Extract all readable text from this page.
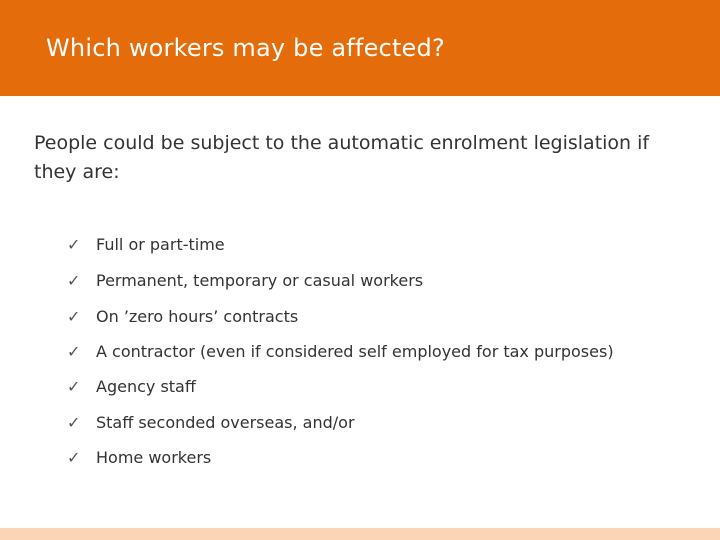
Which workers may be affected?
People could be subject to the automatic enrolment legislation if they are:
✓ Full or part-time
✓ Permanent, temporary or casual workers
✓ On ’zero hours’ contracts
✓ A contractor (even if considered self employed for tax purposes)
✓ Agency staff
✓ Staff seconded overseas, and/or
✓ Home workers
